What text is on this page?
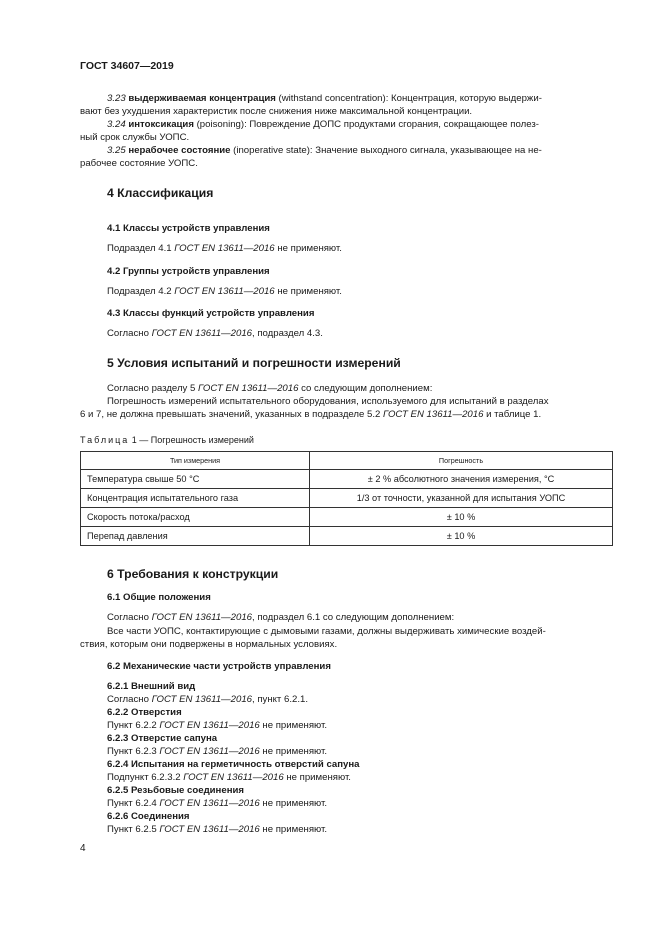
ГОСТ 34607—2019
3.23 выдерживаемая концентрация (withstand concentration): Концентрация, которую выдержи-
вают без ухудшения характеристик после снижения ниже максимальной концентрации.
3.24 интоксикация (poisoning): Повреждение ДОПС продуктами сгорания, сокращающее полез-
ный срок службы УОПС.
3.25 нерабочее состояние (inoperative state): Значение выходного сигнала, указывающее на не-
рабочее состояние УОПС.
4 Классификация
4.1 Классы устройств управления
Подраздел 4.1 ГОСТ EN 13611—2016 не применяют.
4.2 Группы устройств управления
Подраздел 4.2 ГОСТ EN 13611—2016 не применяют.
4.3 Классы функций устройств управления
Согласно ГОСТ EN 13611—2016, подраздел 4.3.
5 Условия испытаний и погрешности измерений
Согласно разделу 5 ГОСТ EN 13611—2016 со следующим дополнением:
Погрешность измерений испытательного оборудования, используемого для испытаний в разделах
6 и 7, не должна превышать значений, указанных в подразделе 5.2 ГОСТ EN 13611—2016 и таблице 1.
Таблица 1 — Погрешность измерений
Тип измерения	Погрешность
Температура свыше 50 °С	± 2 % абсолютного значения измерения, °С
Концентрация испытательного газа	1/3 от точности, указанной для испытания УОПС
Скорость потока/расход	± 10 %
Перепад давления	± 10 %
6 Требования к конструкции
6.1 Общие положения
Согласно ГОСТ EN 13611—2016, подраздел 6.1 со следующим дополнением:
Все части УОПС, контактирующие с дымовыми газами, должны выдерживать химические воздей-
ствия, которым они подвержены в нормальных условиях.
6.2 Механические части устройств управления
6.2.1 Внешний вид
Согласно ГОСТ EN 13611—2016, пункт 6.2.1.
6.2.2 Отверстия
Пункт 6.2.2 ГОСТ EN 13611—2016 не применяют.
6.2.3 Отверстие сапуна
Пункт 6.2.3 ГОСТ EN 13611—2016 не применяют.
6.2.4 Испытания на герметичность отверстий сапуна
Подпункт 6.2.3.2 ГОСТ EN 13611—2016 не применяют.
6.2.5 Резьбовые соединения
Пункт 6.2.4 ГОСТ EN 13611—2016 не применяют.
6.2.6 Соединения
Пункт 6.2.5 ГОСТ EN 13611—2016 не применяют.
4
